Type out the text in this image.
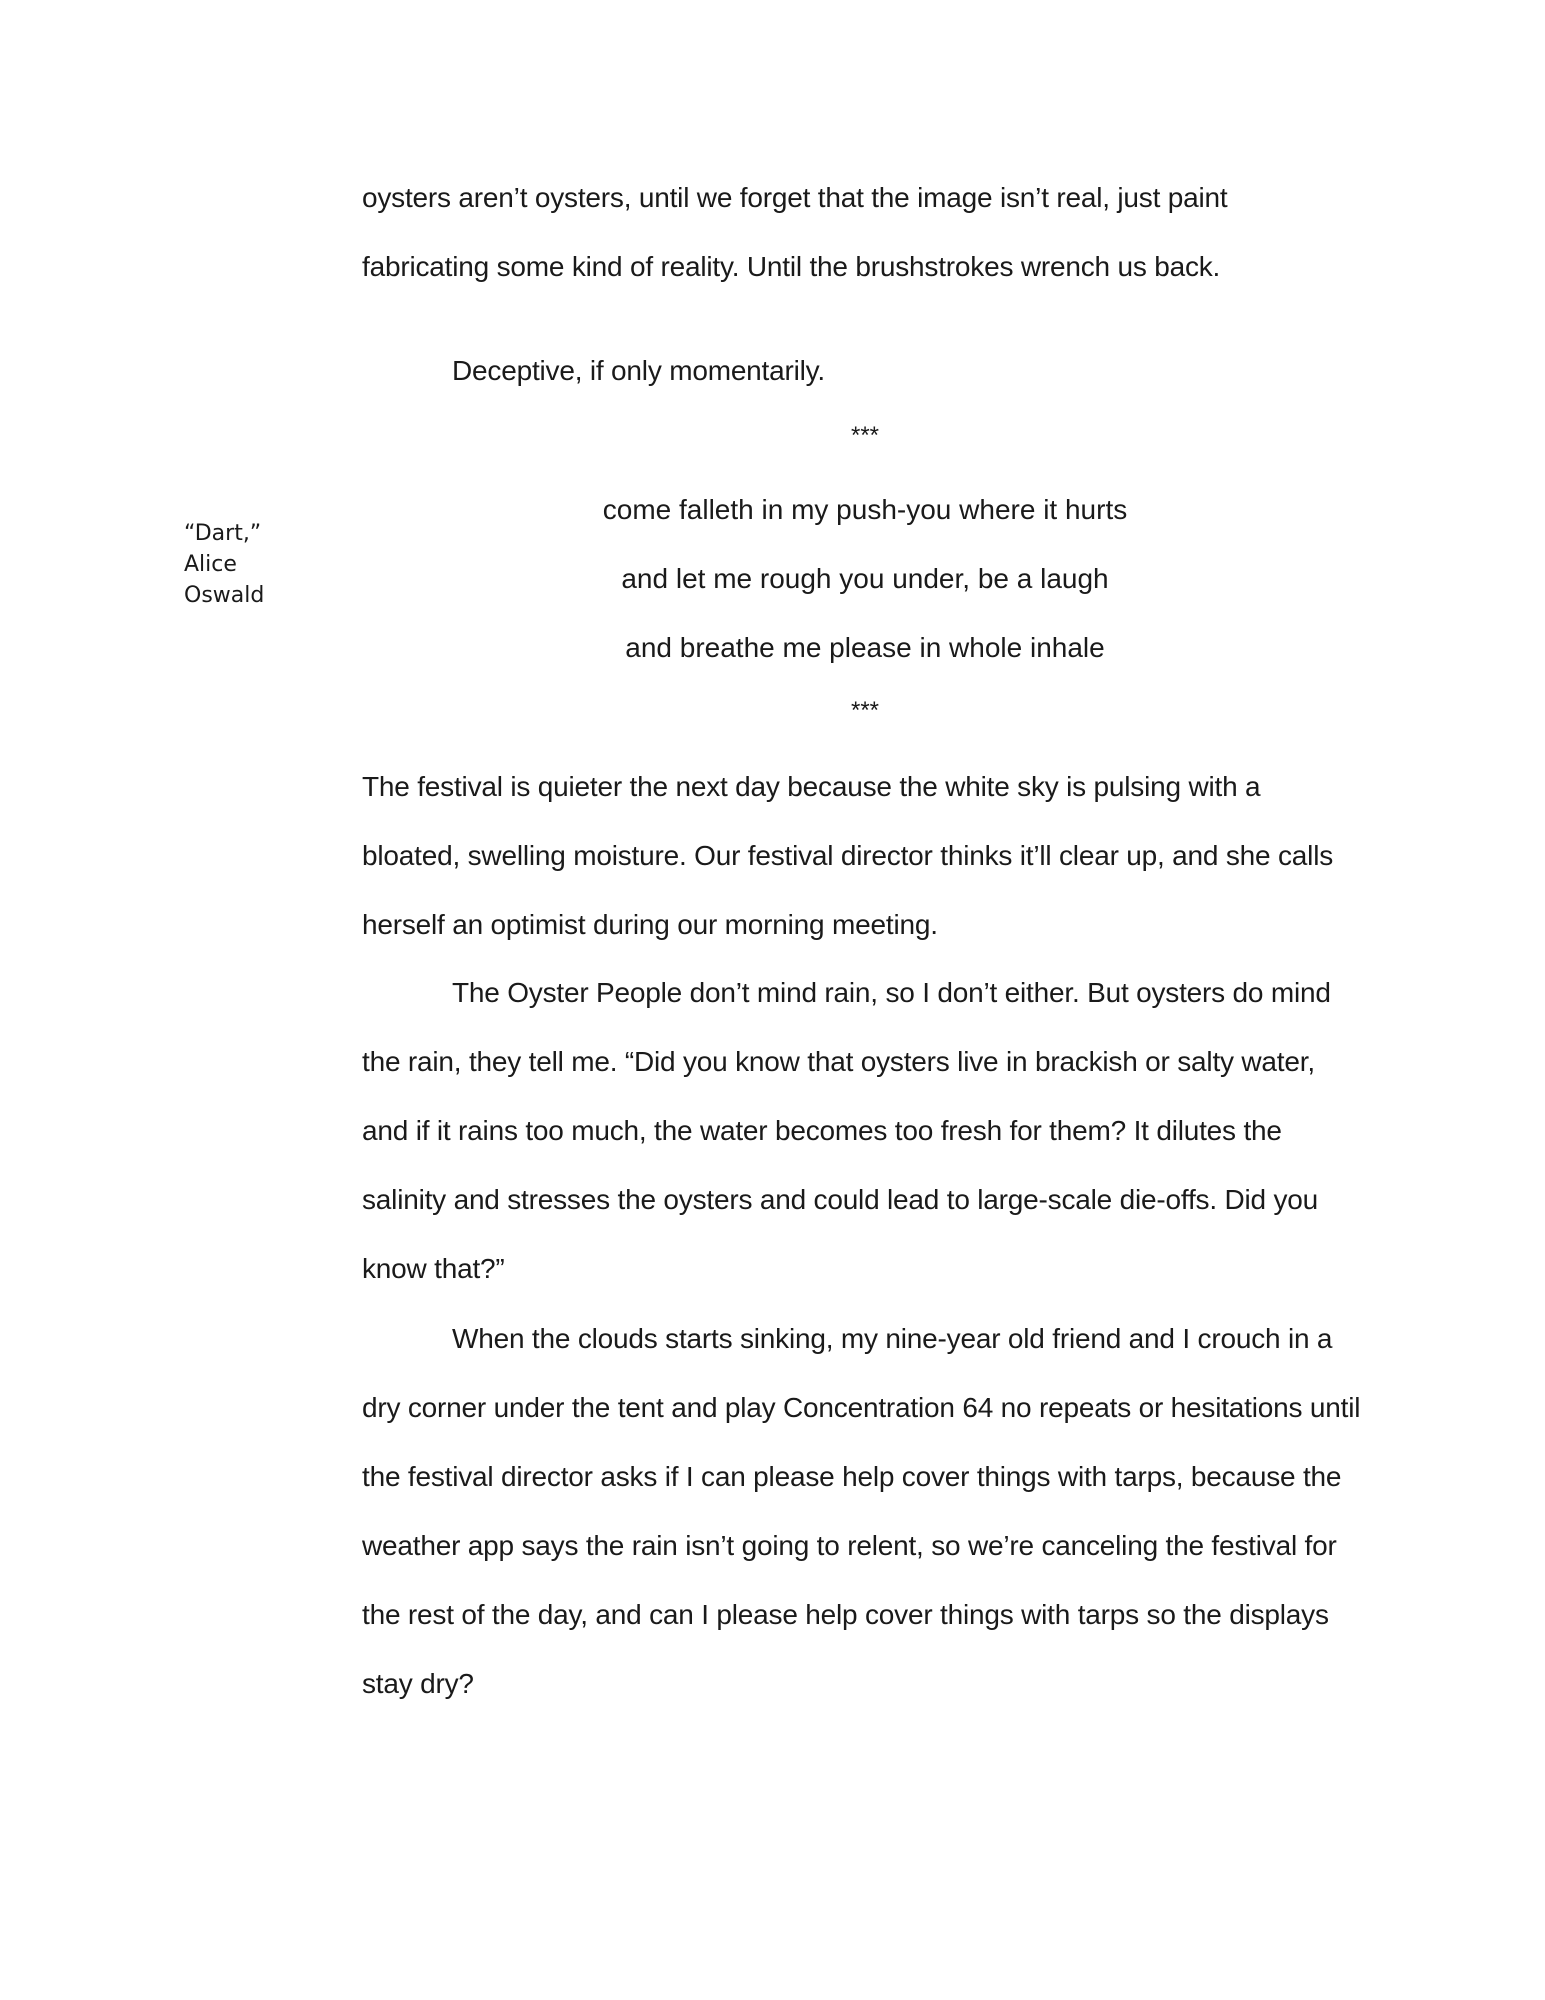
oysters aren’t oysters, until we forget that the image isn’t real, just paint
fabricating some kind of reality. Until the brushstrokes wrench us back.
Deceptive, if only momentarily.
***
“Dart,”
Alice
Oswald
come falleth in my push-you where it hurts
and let me rough you under, be a laugh
and breathe me please in whole inhale
***
The festival is quieter the next day because the white sky is pulsing with a
bloated, swelling moisture. Our festival director thinks it’ll clear up, and she calls
herself an optimist during our morning meeting.
The Oyster People don’t mind rain, so I don’t either. But oysters do mind
the rain, they tell me. “Did you know that oysters live in brackish or salty water,
and if it rains too much, the water becomes too fresh for them? It dilutes the
salinity and stresses the oysters and could lead to large-scale die-offs. Did you
know that?”
When the clouds starts sinking, my nine-year old friend and I crouch in a
dry corner under the tent and play Concentration 64 no repeats or hesitations until
the festival director asks if I can please help cover things with tarps, because the
weather app says the rain isn’t going to relent, so we’re canceling the festival for
the rest of the day, and can I please help cover things with tarps so the displays
stay dry?
